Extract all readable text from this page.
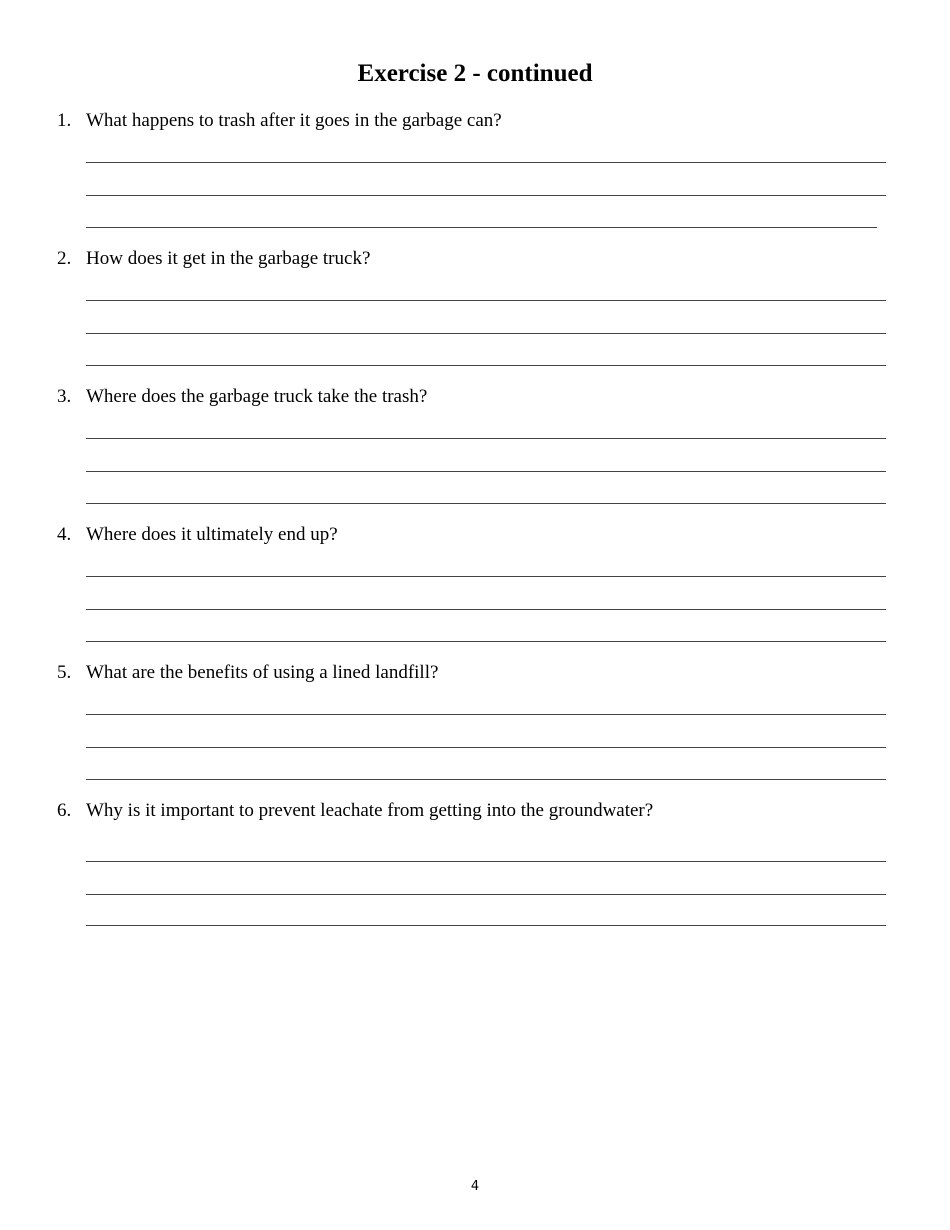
Exercise 2 - continued
1. What happens to trash after it goes in the garbage can?
2. How does it get in the garbage truck?
3. Where does the garbage truck take the trash?
4. Where does it ultimately end up?
5. What are the benefits of using a lined landfill?
6. Why is it important to prevent leachate from getting into the groundwater?
4
